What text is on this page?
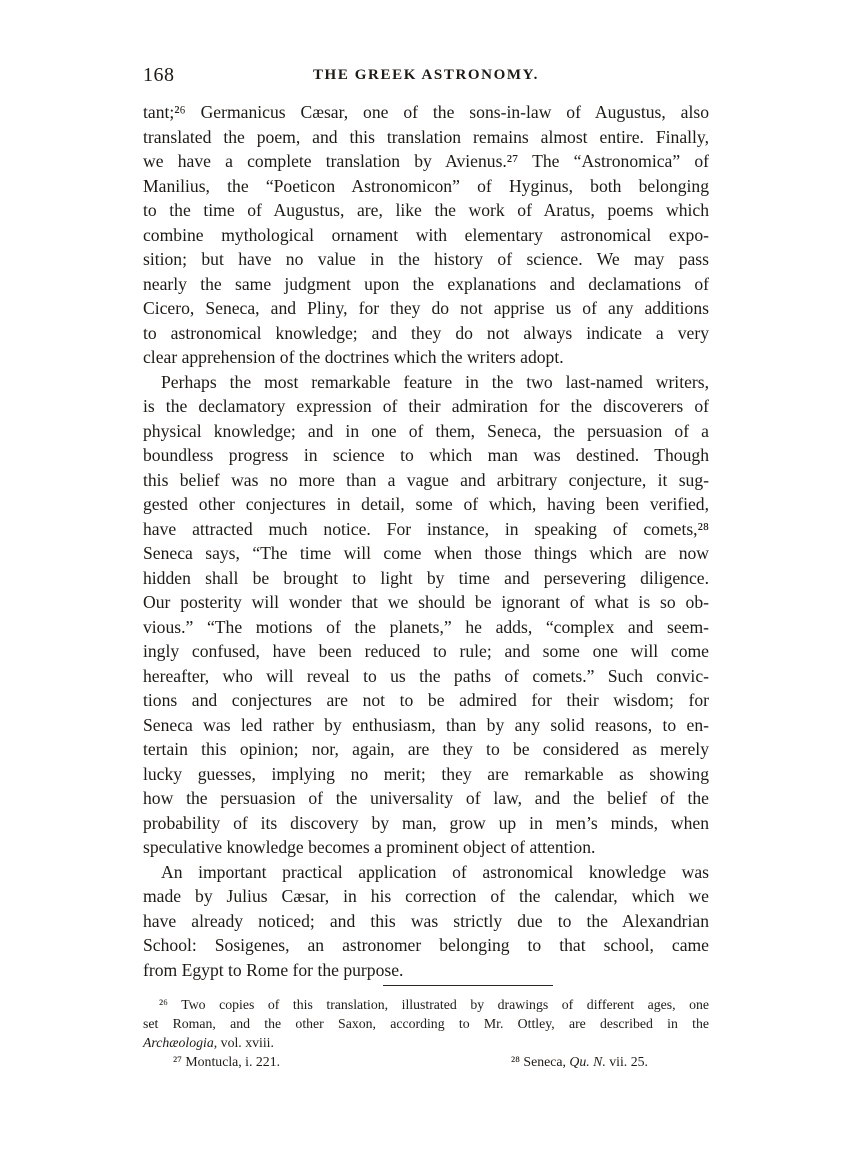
168	THE GREEK ASTRONOMY.
tant;²⁶ Germanicus Cæsar, one of the sons-in-law of Augustus, also
translated the poem, and this translation remains almost entire. Finally,
we have a complete translation by Avienus.²⁷ The “Astronomica” of
Manilius, the “Poeticon Astronomicon” of Hyginus, both belonging
to the time of Augustus, are, like the work of Aratus, poems which
combine mythological ornament with elementary astronomical expo-
sition; but have no value in the history of science. We may pass
nearly the same judgment upon the explanations and declamations of
Cicero, Seneca, and Pliny, for they do not apprise us of any additions
to astronomical knowledge; and they do not always indicate a very
clear apprehension of the doctrines which the writers adopt.
Perhaps the most remarkable feature in the two last-named writers,
is the declamatory expression of their admiration for the discoverers of
physical knowledge; and in one of them, Seneca, the persuasion of a
boundless progress in science to which man was destined. Though
this belief was no more than a vague and arbitrary conjecture, it sug-
gested other conjectures in detail, some of which, having been verified,
have attracted much notice. For instance, in speaking of comets,²⁸
Seneca says, “The time will come when those things which are now
hidden shall be brought to light by time and persevering diligence.
Our posterity will wonder that we should be ignorant of what is so ob-
vious.” “The motions of the planets,” he adds, “complex and seem-
ingly confused, have been reduced to rule; and some one will come
hereafter, who will reveal to us the paths of comets.” Such convic-
tions and conjectures are not to be admired for their wisdom; for
Seneca was led rather by enthusiasm, than by any solid reasons, to en-
tertain this opinion; nor, again, are they to be considered as merely
lucky guesses, implying no merit; they are remarkable as showing
how the persuasion of the universality of law, and the belief of the
probability of its discovery by man, grow up in men’s minds, when
speculative knowledge becomes a prominent object of attention.
An important practical application of astronomical knowledge was
made by Julius Cæsar, in his correction of the calendar, which we
have already noticed; and this was strictly due to the Alexandrian
School: Sosigenes, an astronomer belonging to that school, came
from Egypt to Rome for the purpose.
²⁶ Two copies of this translation, illustrated by drawings of different ages, one
set Roman, and the other Saxon, according to Mr. Ottley, are described in the
Archæologia, vol. xviii.
²⁷ Montucla, i. 221.	²⁸ Seneca, Qu. N. vii. 25.
